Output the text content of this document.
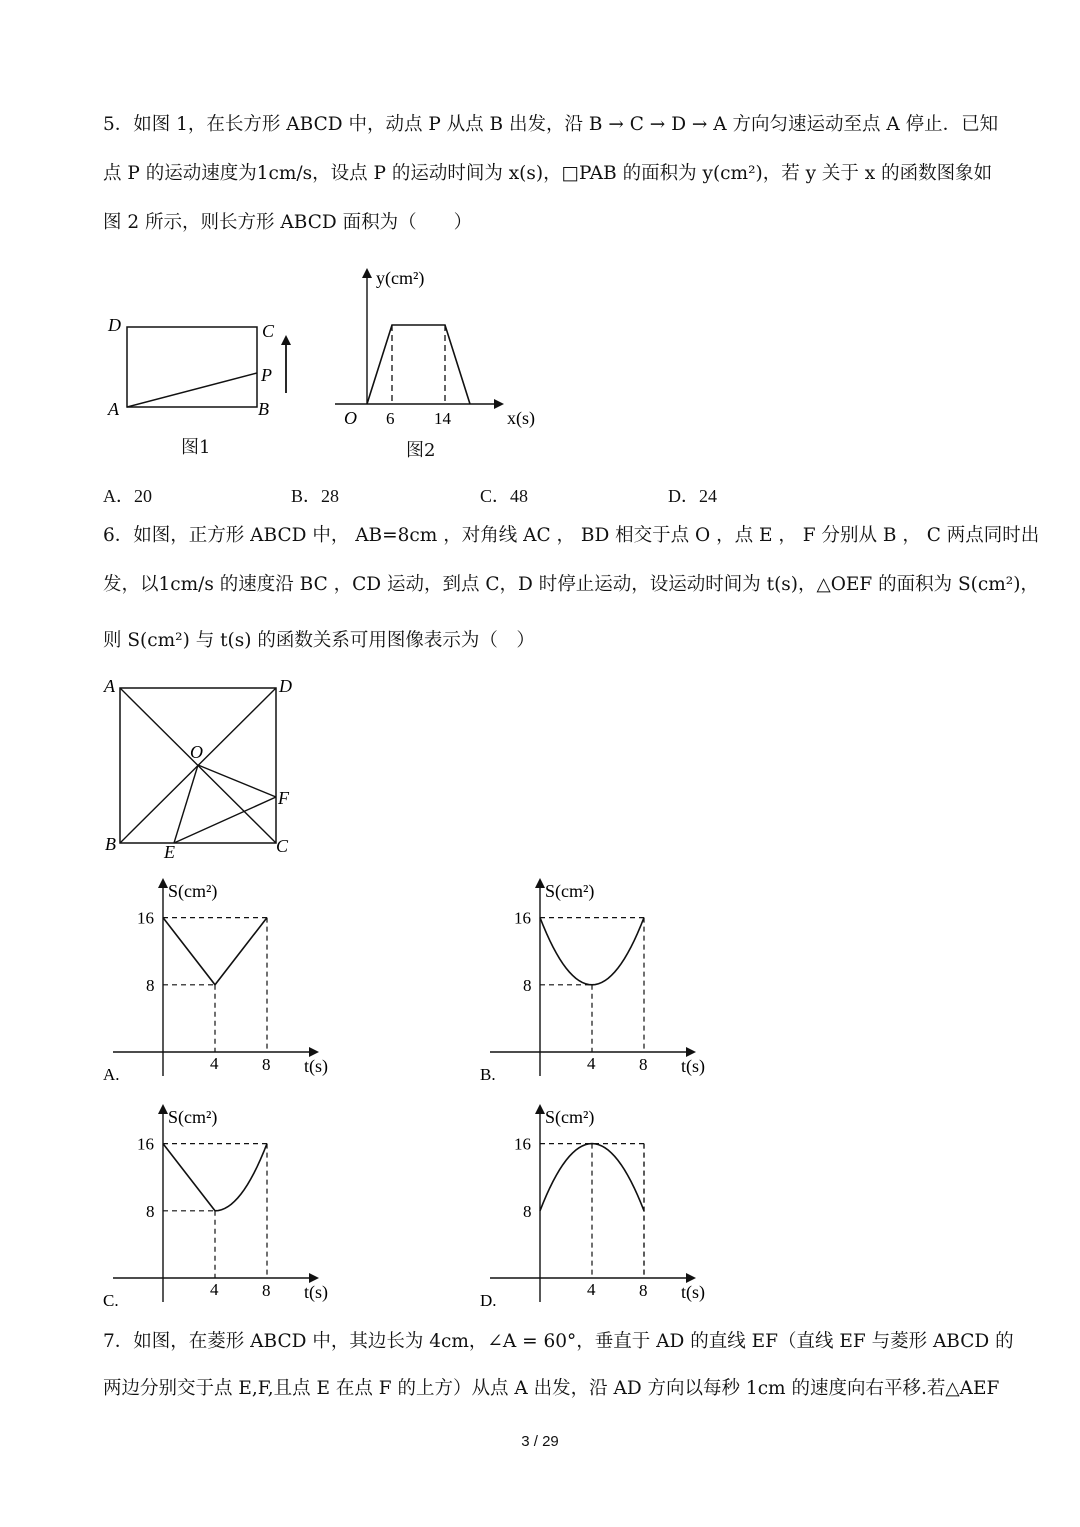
5．如图 1，在长方形 ABCD 中，动点 P 从点 B 出发，沿 B → C → D → A 方向匀速运动至点 A 停止．已知
点 P 的运动速度为1cm/s，设点 P 的运动时间为 x(s)，□PAB 的面积为 y(cm²)，若 y 关于 x 的函数图象如
图 2 所示，则长方形 ABCD 面积为（　　）
D	C
P
A	B
图1
y(cm²)
O 6 14	x(s)
图2
A．20	B．28	C．48	D．24
6．如图，正方形 ABCD 中， AB=8cm ，对角线 AC ， BD 相交于点 O ，点 E ， F 分别从 B ， C 两点同时出
发，以1cm/s 的速度沿 BC ，CD 运动，到点 C，D 时停止运动，设运动时间为 t(s)，△OEF 的面积为 S(cm²)，
则 S(cm²) 与 t(s) 的函数关系可用图像表示为（　）
A	D
O
F
B	C
E
S(cm²)
16
8
4	8 t(s)
A.
S(cm²)
16
8
4	8 t(s)
B.
S(cm²)
16
8
4	8 t(s)
C.
S(cm²)
16
8
4	8 t(s)
D.
7．如图，在菱形 ABCD 中，其边长为 4cm，∠A = 60°，垂直于 AD 的直线 EF（直线 EF 与菱形 ABCD 的
两边分别交于点 E,F,且点 E 在点 F 的上方）从点 A 出发，沿 AD 方向以每秒 1cm 的速度向右平移.若△AEF
3 / 29
